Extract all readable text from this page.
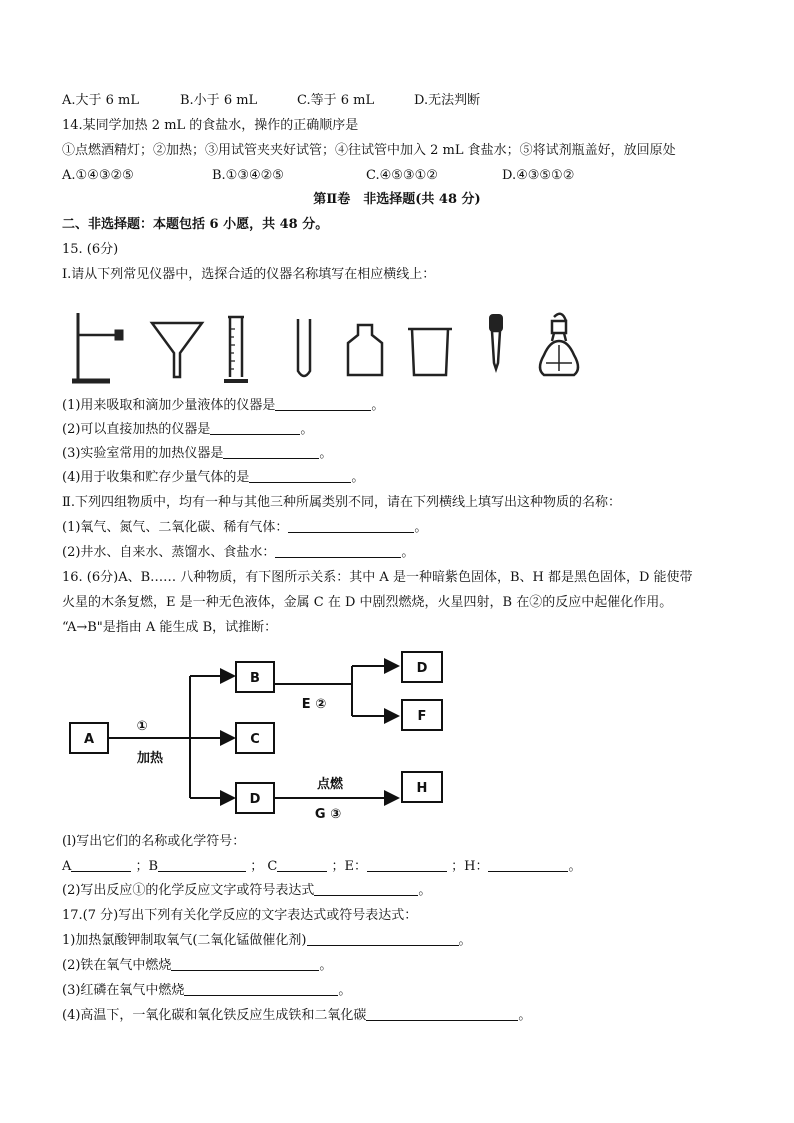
A.大于 6 mL	B.小于 6 mL	C.等于 6 mL	D.无法判断
14.某同学加热 2 mL 的食盐水，操作的正确顺序是
①点燃酒精灯；②加热；③用试管夹夹好试管；④往试管中加入 2 mL 食盐水；⑤将试剂瓶盖好，放回原处
A.①④③②⑤	B.①③④②⑤	C.④⑤③①②	D.④③⑤①②
第Ⅱ卷　非选择题(共 48 分)
二、非选择题：本题包括 6 小愿，共 48 分。
15. (6分)
Ⅰ.请从下列常见仪器中，选探合适的仪器名称填写在相应横线上：
(1)用来吸取和滴加少量液体的仪器是	。
(2)可以直接加热的仪器是	。
(3)实验室常用的加热仪器是	。
(4)用于收集和贮存少量气体的是	。
Ⅱ.下列四组物质中，均有一种与其他三种所属类别不同，请在下列横线上填写出这种物质的名称：
(1)氧气、氮气、二氧化碳、稀有气体：	。
(2)井水、自来水、蒸馏水、食盐水：	。
16. (6分)A、B…… 八种物质，有下图所示关系：其中 A 是一种暗紫色固体，B、H 都是黑色固体，D 能使带
火星的木条复燃，E 是一种无色液体，金属 C 在 D 中剧烈燃烧，火星四射，B 在②的反应中起催化作用。
“A→B"是指由 A 能生成 B，试推断：
A
B
C
D
D
F
H
①
加热
E ②
点燃
G ③
(l)写出它们的名称或化学符号：
A	；B	； C	；E：	；H：	。
(2)写出反应①的化学反应文字或符号表达式	。
17.(7 分)写出下列有关化学反应的文字表达式或符号表达式：
1)加热氯酸钾制取氧气(二氧化锰做催化剂)	。
(2)铁在氧气中燃烧	。
(3)红磷在氧气中燃烧	。
(4)高温下，一氧化碳和氧化铁反应生成铁和二氧化碳	。
